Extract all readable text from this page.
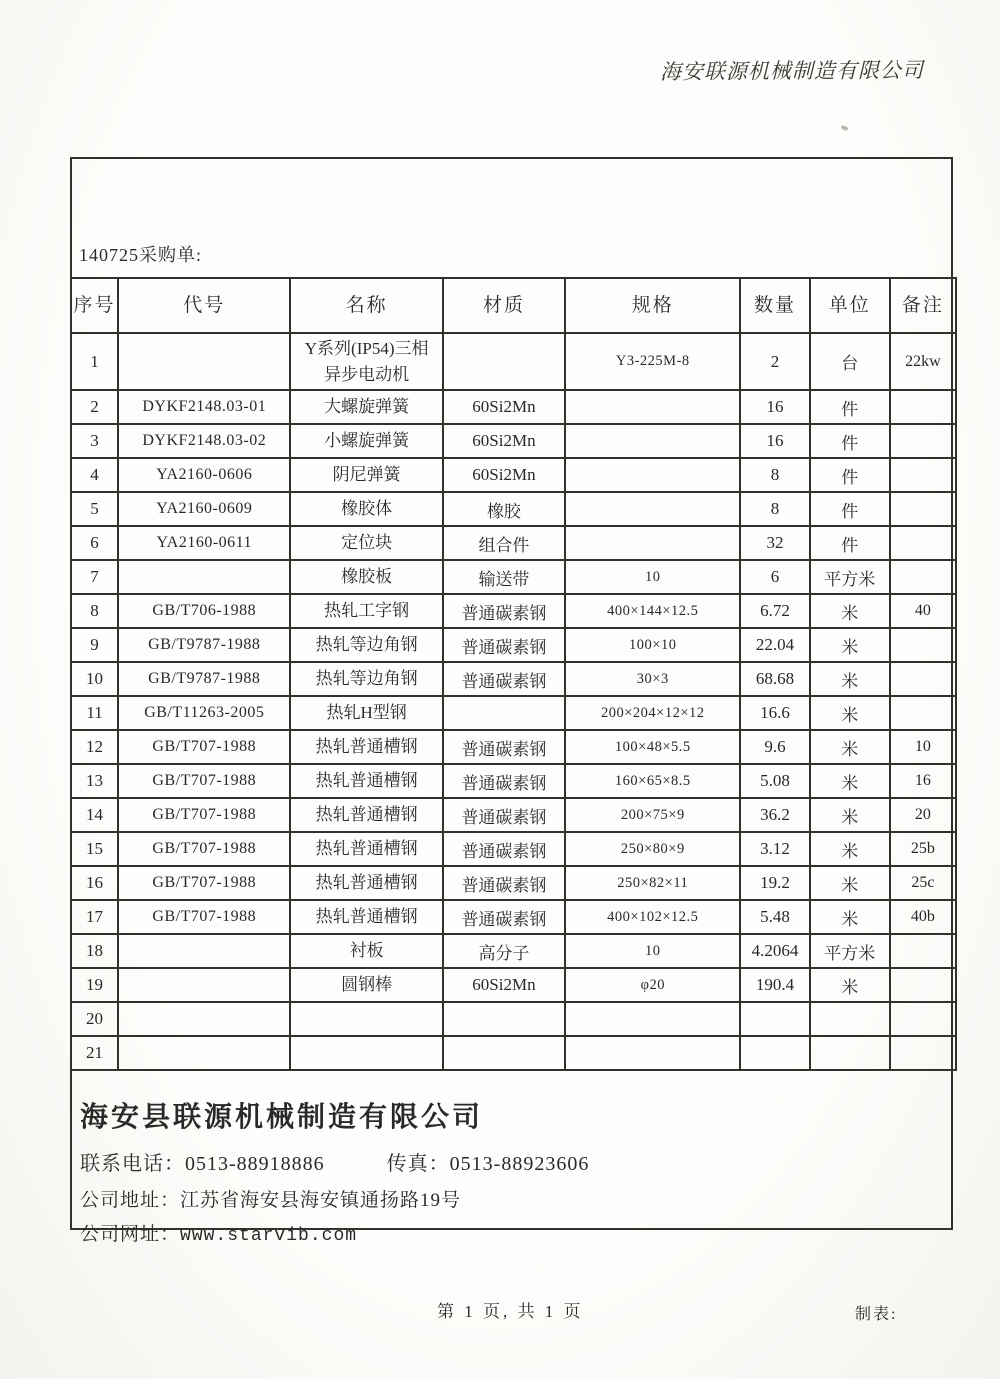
海安联源机械制造有限公司
140725采购单:
序号	代号	名称	材质	规格	数量	单位	备注
1		Y系列(IP54)三相异步电动机		Y3-225M-8	2	台	22kw
2	DYKF2148.03-01	大螺旋弹簧	60Si2Mn		16	件	
3	DYKF2148.03-02	小螺旋弹簧	60Si2Mn		16	件	
4	YA2160-0606	阴尼弹簧	60Si2Mn		8	件	
5	YA2160-0609	橡胶体	橡胶		8	件	
6	YA2160-0611	定位块	组合件		32	件	
7		橡胶板	输送带	10	6	平方米	
8	GB/T706-1988	热轧工字钢	普通碳素钢	400×144×12.5	6.72	米	40
9	GB/T9787-1988	热轧等边角钢	普通碳素钢	100×10	22.04	米	
10	GB/T9787-1988	热轧等边角钢	普通碳素钢	30×3	68.68	米	
11	GB/T11263-2005	热轧H型钢		200×204×12×12	16.6	米	
12	GB/T707-1988	热轧普通槽钢	普通碳素钢	100×48×5.5	9.6	米	10
13	GB/T707-1988	热轧普通槽钢	普通碳素钢	160×65×8.5	5.08	米	16
14	GB/T707-1988	热轧普通槽钢	普通碳素钢	200×75×9	36.2	米	20
15	GB/T707-1988	热轧普通槽钢	普通碳素钢	250×80×9	3.12	米	25b
16	GB/T707-1988	热轧普通槽钢	普通碳素钢	250×82×11	19.2	米	25c
17	GB/T707-1988	热轧普通槽钢	普通碳素钢	400×102×12.5	5.48	米	40b
18		衬板	高分子	10	4.2064	平方米	
19		圆钢棒	60Si2Mn	φ20	190.4	米	
20							
21							
海安县联源机械制造有限公司
联系电话：0513-88918886	传真：0513-88923606
公司地址：江苏省海安县海安镇通扬路19号
公司网址：www.starvib.com
第 1 页, 共 1 页	制表:
